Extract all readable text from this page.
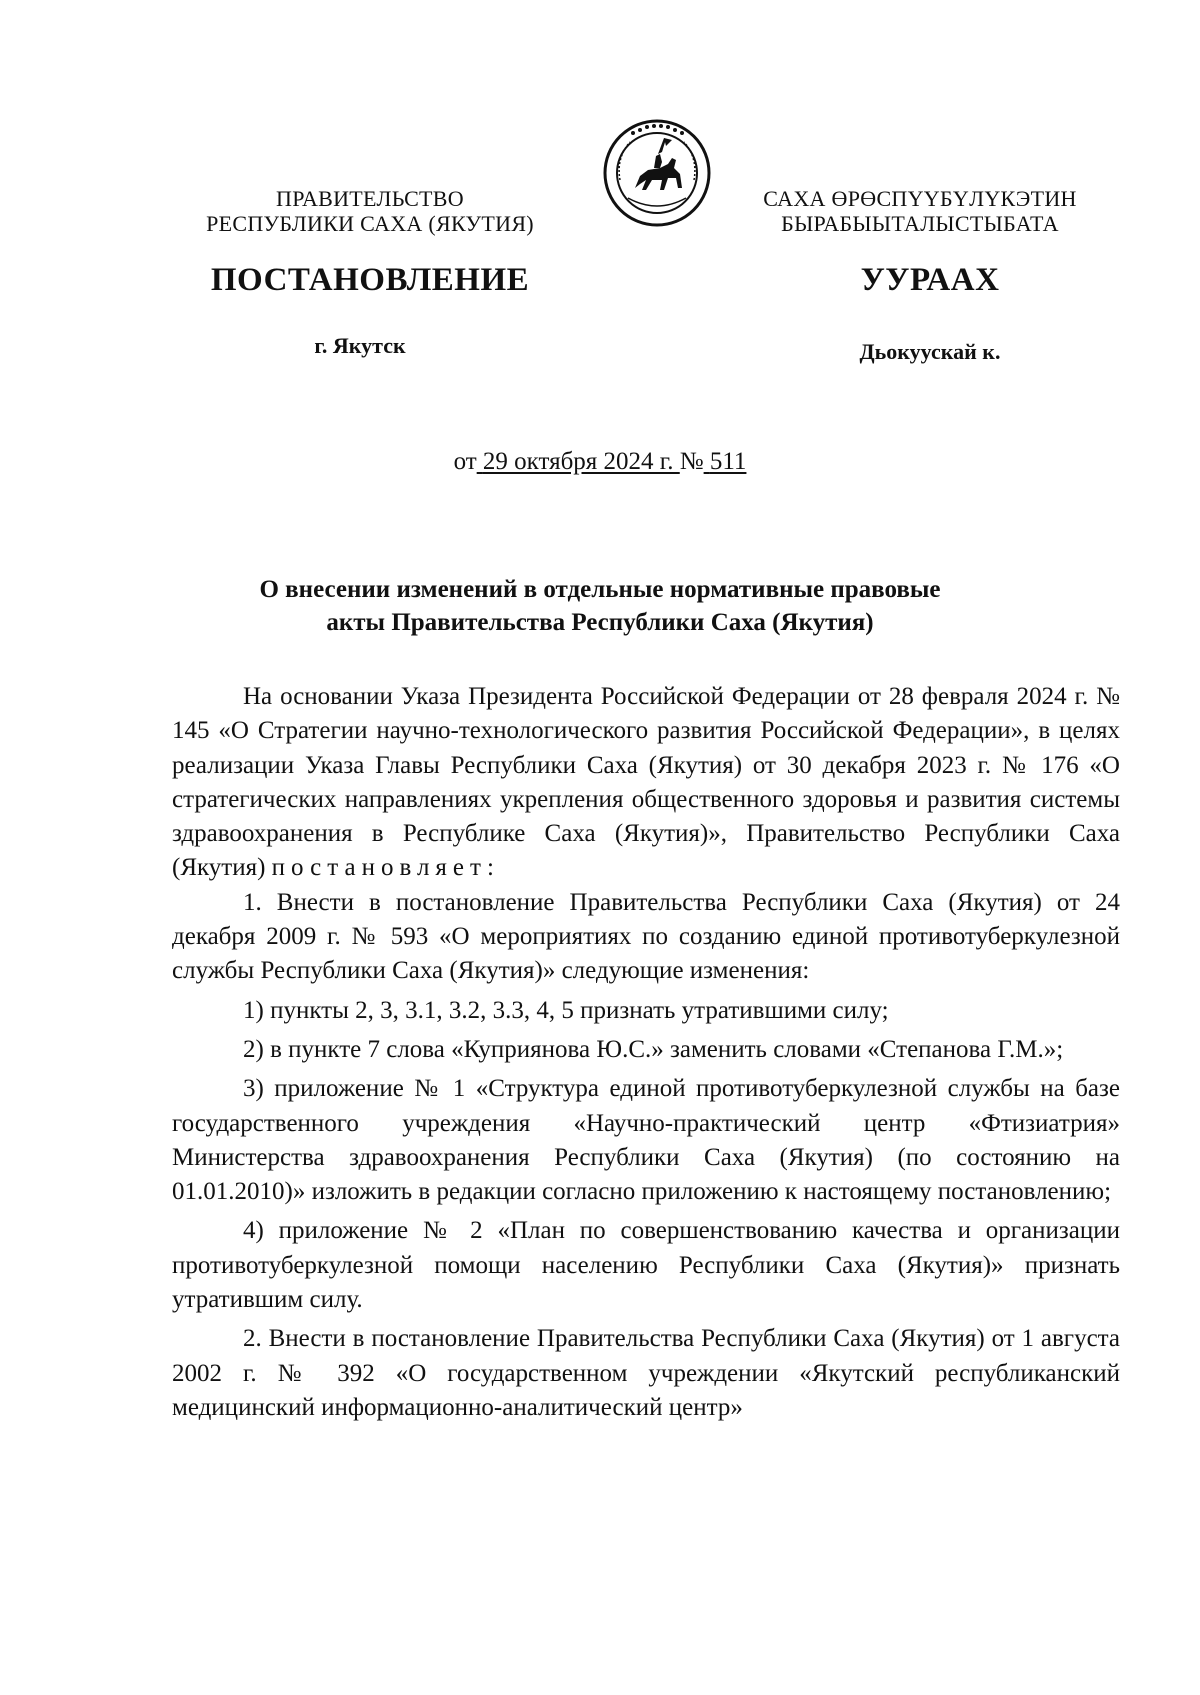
ПРАВИТЕЛЬСТВО
РЕСПУБЛИКИ САХА (ЯКУТИЯ)
САХА ӨРӨСПҮҮБҮЛҮКЭТИН
БЫРАБЫЫТАЛЫСТЫБАТА
ПОСТАНОВЛЕНИЕ	УУРААХ
г. Якутск	Дьокуускай к.
от 29 октября 2024 г. № 511
О внесении изменений в отдельные нормативные правовые
акты Правительства Республики Саха (Якутия)

На основании Указа Президента Российской Федерации от 28 февраля 2024 г. № 145 «О Стратегии научно-технологического развития Российской Федерации», в целях реализации Указа Главы Республики Саха (Якутия) от 30 декабря 2023 г. № 176 «О стратегических направлениях укрепления общественного здоровья и развития системы здравоохранения в Республике Саха (Якутия)», Правительство Республики Саха (Якутия) постановляет:

1. Внести в постановление Правительства Республики Саха (Якутия) от 24 декабря 2009 г. № 593 «О мероприятиях по созданию единой противотуберкулезной службы Республики Саха (Якутия)» следующие изменения:

1) пункты 2, 3, 3.1, 3.2, 3.3, 4, 5 признать утратившими силу;

2) в пункте 7 слова «Куприянова Ю.С.» заменить словами «Степанова Г.М.»;

3) приложение № 1 «Структура единой противотуберкулезной службы на базе государственного учреждения «Научно-практический центр «Фтизиатрия» Министерства здравоохранения Республики Саха (Якутия) (по состоянию на 01.01.2010)» изложить в редакции согласно приложению к настоящему постановлению;

4) приложение № 2 «План по совершенствованию качества и организации противотуберкулезной помощи населению Республики Саха (Якутия)» признать утратившим силу.

2. Внести в постановление Правительства Республики Саха (Якутия) от 1 августа 2002 г. № 392 «О государственном учреждении «Якутский республиканский медицинский информационно-аналитический центр»
